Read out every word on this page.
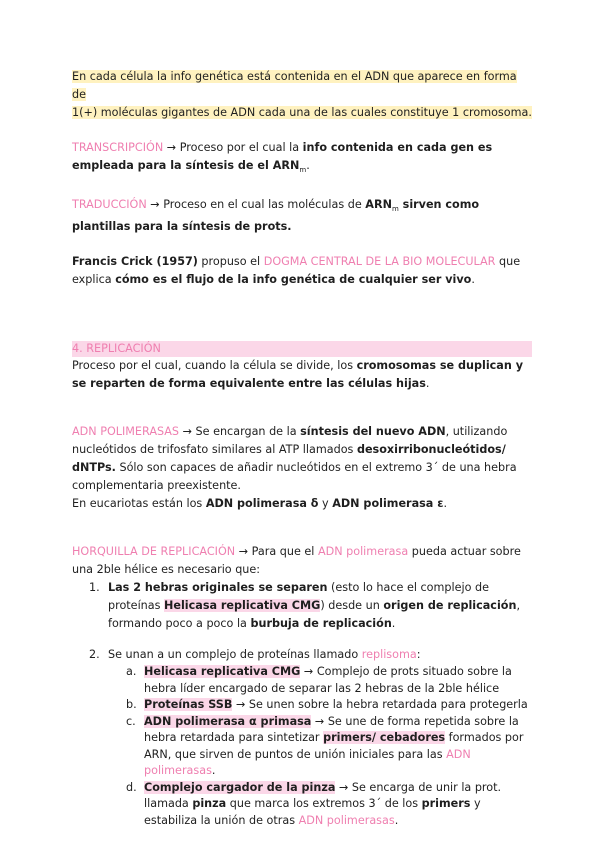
En cada célula la info genética está contenida en el ADN que aparece en forma de
1(+) moléculas gigantes de ADN cada una de las cuales constituye 1 cromosoma.

TRANSCRIPCIÓN → Proceso por el cual la info contenida en cada gen es empleada para la síntesis de el $ARN_m$.

TRADUCCIÓN → Proceso en el cual las moléculas de $ARN_m$ sirven como plantillas para la síntesis de prots.

Francis Crick (1957) propuso el DOGMA CENTRAL DE LA BIO MOLECULAR que explica cómo es el flujo de la info genética de cualquier ser vivo.

4. REPLICACIÓN

Proceso por el cual, cuando la célula se divide, los cromosomas se duplican y se reparten de forma equivalente entre las células hijas.

ADN POLIMERASAS → Se encargan de la síntesis del nuevo ADN, utilizando nucleótidos de trifosfato similares al ATP llamados desoxirribonucleótidos/ dNTPs. Sólo son capaces de añadir nucleótidos en el extremo 3´ de una hebra complementaria preexistente.

En eucariotas están los ADN polimerasa δ y ADN polimerasa ε.

HORQUILLA DE REPLICACIÓN → Para que el ADN polimerasa pueda actuar sobre una 2ble hélice es necesario que:

1. Las 2 hebras originales se separen (esto lo hace el complejo de proteínas Helicasa replicativa CMG) desde un origen de replicación, formando poco a poco la burbuja de replicación.
2. Se unan a un complejo de proteínas llamado replisoma:
a. Helicasa replicativa CMG → Complejo de prots situado sobre la hebra líder encargado de separar las 2 hebras de la 2ble hélice
b. Proteínas SSB → Se unen sobre la hebra retardada para protegerla
c. ADN polimerasa α primasa → Se une de forma repetida sobre la hebra retardada para sintetizar primers/ cebadores formados por ARN, que sirven de puntos de unión iniciales para las ADN polimerasas.
d. Complejo cargador de la pinza → Se encarga de unir la prot. llamada pinza que marca los extremos 3´ de los primers y estabiliza la unión de otras ADN polimerasas.
